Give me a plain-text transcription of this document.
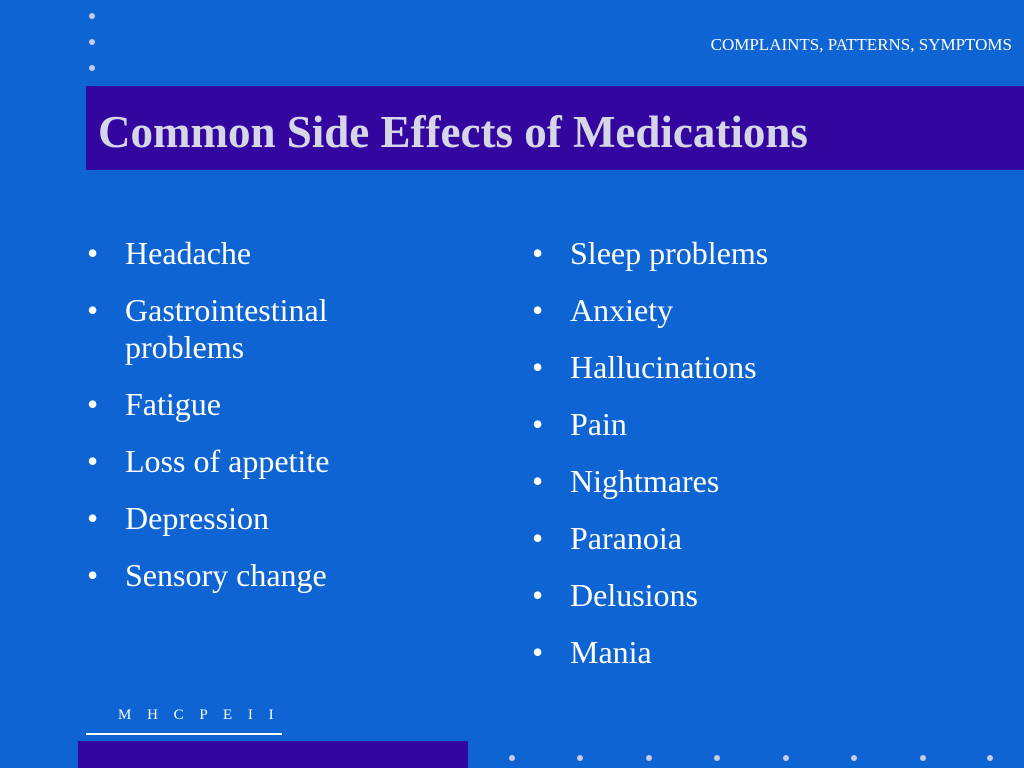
COMPLAINTS, PATTERNS, SYMPTOMS
Common Side Effects of Medications
• Headache
• Gastrointestinal problems
• Fatigue
• Loss of appetite
• Depression
• Sensory change
• Sleep problems
• Anxiety
• Hallucinations
• Pain
• Nightmares
• Paranoia
• Delusions
• Mania
M H C P E I I
